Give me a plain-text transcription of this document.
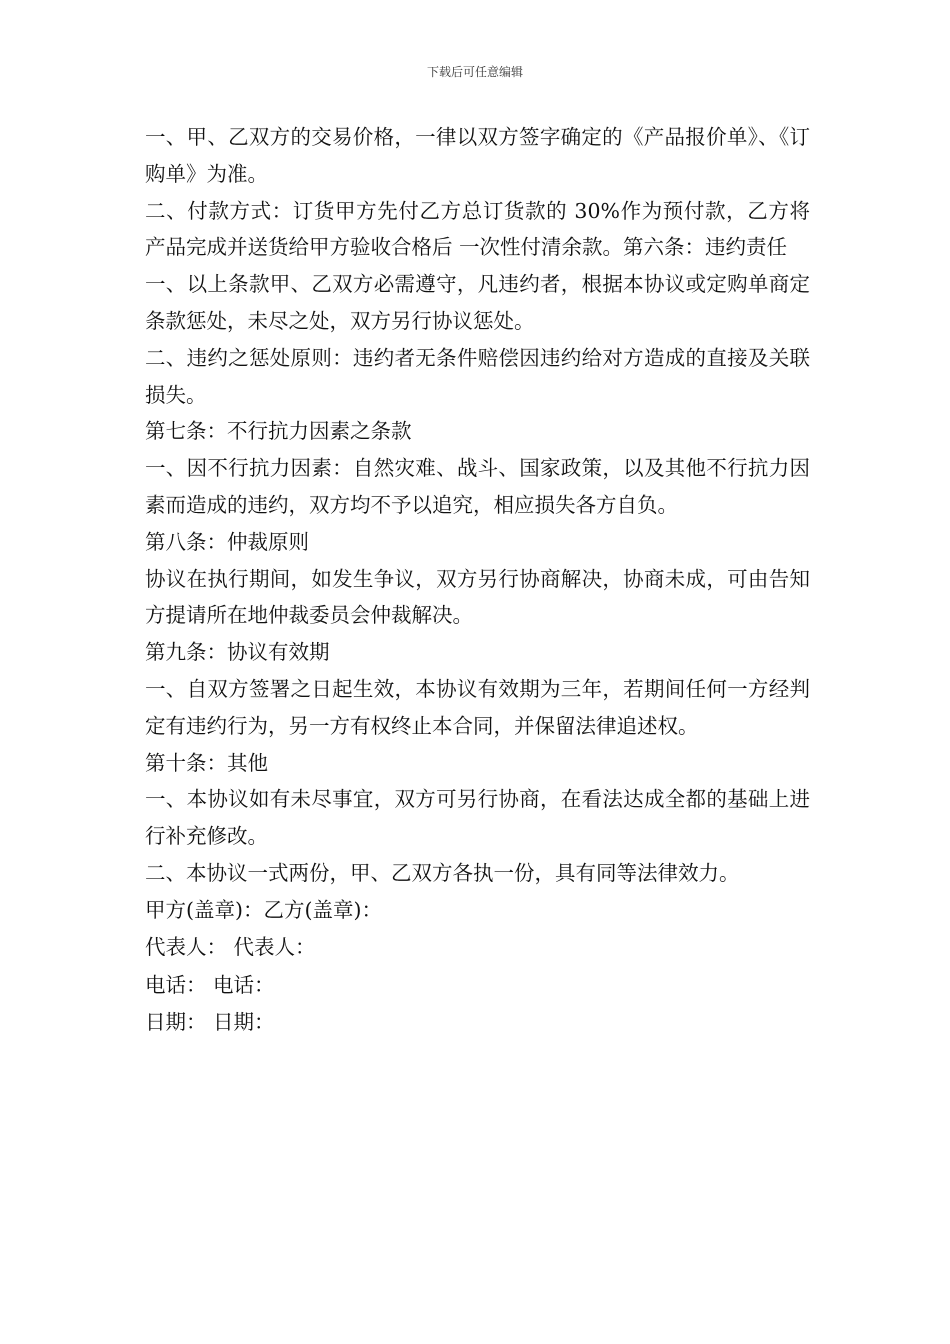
下载后可任意编辑

一、甲、乙双方的交易价格，一律以双方签字确定的《产品报价单》、《订购单》为准。

二、付款方式：订货甲方先付乙方总订货款的 30%作为预付款，乙方将产品完成并送货给甲方验收合格后 一次性付清余款。第六条：违约责任

一、以上条款甲、乙双方必需遵守，凡违约者，根据本协议或定购单商定条款惩处，未尽之处，双方另行协议惩处。

二、违约之惩处原则：违约者无条件赔偿因违约给对方造成的直接及关联损失。

第七条：不行抗力因素之条款

一、因不行抗力因素：自然灾难、战斗、国家政策，以及其他不行抗力因素而造成的违约，双方均不予以追究，相应损失各方自负。

第八条：仲裁原则

协议在执行期间，如发生争议，双方另行协商解决，协商未成，可由告知方提请所在地仲裁委员会仲裁解决。

第九条：协议有效期

一、自双方签署之日起生效，本协议有效期为三年，若期间任何一方经判定有违约行为，另一方有权终止本合同，并保留法律追述权。

第十条：其他

一、本协议如有未尽事宜，双方可另行协商，在看法达成全都的基础上进行补充修改。

二、本协议一式两份，甲、乙双方各执一份，具有同等法律效力。

甲方(盖章)：乙方(盖章)：

代表人： 代表人：

电话： 电话：

日期： 日期：
